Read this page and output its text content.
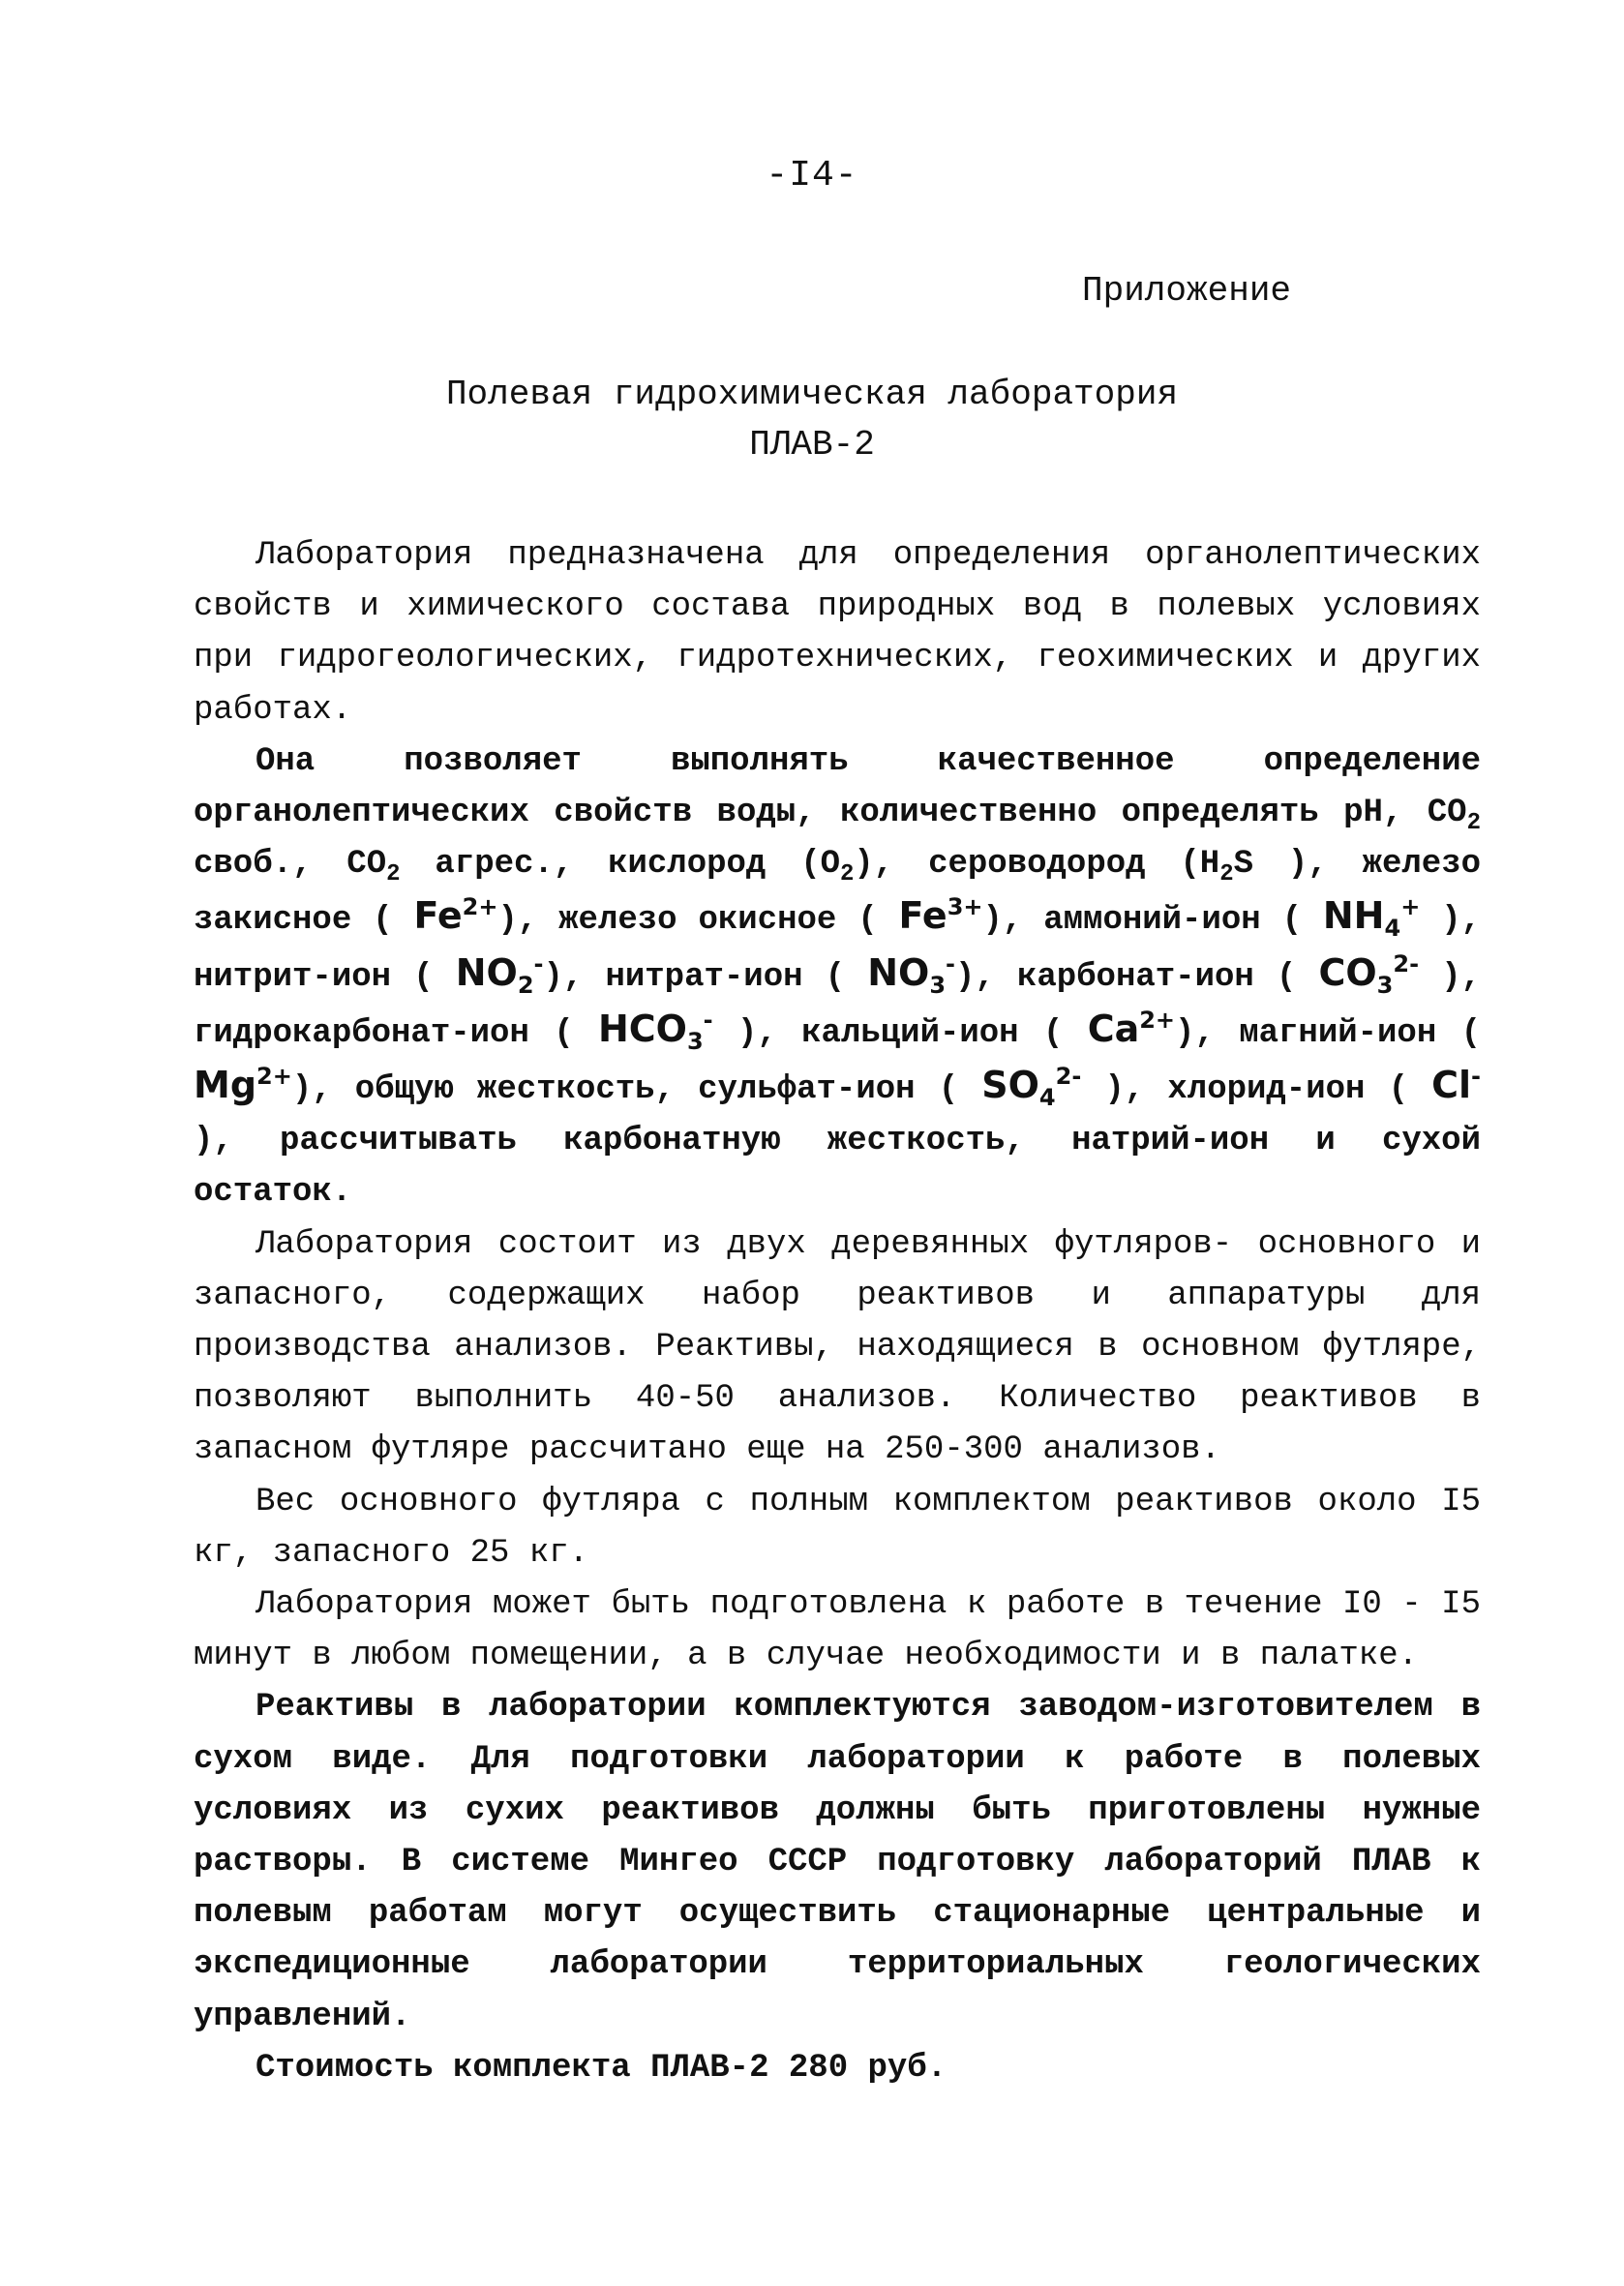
-I4-
Приложение
Полевая гидрохимическая лаборатория
ПЛАВ-2

Лаборатория предназначена для определения органолептических свойств и химического состава природных вод в полевых условиях при гидрогеологических, гидротехнических, геохимических и других работах.

Она позволяет выполнять качественное определение органолептических свойств воды, количественно определять рН, $СО_2$ своб., $СО_2$ агрес., кислород $(О_2)$, сероводород ($Н_2S$ ), железо закисное ( $Fe^{2+}$), железо окисное ( $Fe^{3+}$), аммоний-ион ( $NH_4^+$ ), нитрит-ион ( $NO_2^-$), нитрат-ион ( $NO_3^-$), карбонат-ион ( $CO_3^{2-}$ ), гидрокарбонат-ион ( $HCO_3^-$ ), кальций-ион ( $Ca^{2+}$), магний-ион ( $Mg^{2+}$), общую жесткость, сульфат-ион ( $SO_4^{2-}$ ), хлорид-ион ( Cl- ), рассчитывать карбонатную жесткость, натрий-ион и сухой остаток.

Лаборатория состоит из двух деревянных футляров- основного и запасного, содержащих набор реактивов и аппаратуры для производства анализов. Реактивы, находящиеся в основном футляре, позволяют выполнить 40-50 анализов. Количество реактивов в запасном футляре рассчитано еще на 250-300 анализов.

Вес основного футляра с полным комплектом реактивов около I5 кг, запасного 25 кг.

Лаборатория может быть подготовлена к работе в течение I0 - I5 минут в любом помещении, а в случае необходимости и в палатке.

Реактивы в лаборатории комплектуются заводом-изготовителем в сухом виде. Для подготовки лаборатории к работе в полевых условиях из сухих реактивов должны быть приготовлены нужные растворы. В системе Мингео СССР подготовку лабораторий ПЛАВ к полевым работам могут осуществить стационарные центральные и экспедиционные лаборатории территориальных геологических управлений.

Стоимость комплекта ПЛАВ-2 280 руб.
